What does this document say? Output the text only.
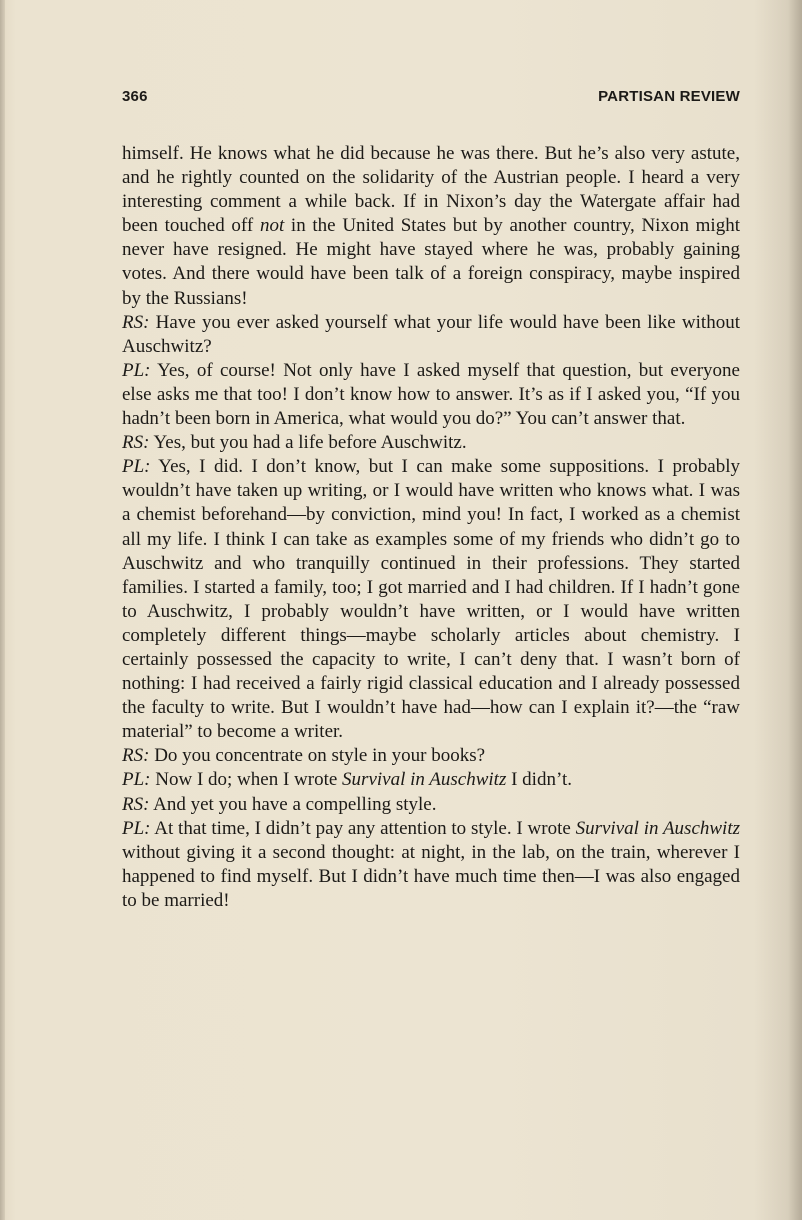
366	PARTISAN REVIEW

himself. He knows what he did because he was there. But he’s also very astute, and he rightly counted on the solidarity of the Austrian people. I heard a very interesting comment a while back. If in Nixon’s day the Watergate affair had been touched off not in the United States but by another country, Nixon might never have resigned. He might have stayed where he was, probably gaining votes. And there would have been talk of a foreign conspiracy, maybe inspired by the Russians!

RS: Have you ever asked yourself what your life would have been like without Auschwitz?

PL: Yes, of course! Not only have I asked myself that question, but everyone else asks me that too! I don’t know how to answer. It’s as if I asked you, “If you hadn’t been born in America, what would you do?” You can’t answer that.

RS: Yes, but you had a life before Auschwitz.

PL: Yes, I did. I don’t know, but I can make some suppositions. I probably wouldn’t have taken up writing, or I would have written who knows what. I was a chemist beforehand—by conviction, mind you! In fact, I worked as a chemist all my life. I think I can take as examples some of my friends who didn’t go to Auschwitz and who tranquilly continued in their professions. They started families. I started a family, too; I got married and I had children. If I hadn’t gone to Auschwitz, I probably wouldn’t have written, or I would have written completely different things—maybe scholarly articles about chemistry. I certainly possessed the capacity to write, I can’t deny that. I wasn’t born of nothing: I had received a fairly rigid classical education and I already possessed the faculty to write. But I wouldn’t have had—how can I explain it?—the “raw material” to become a writer.

RS: Do you concentrate on style in your books?

PL: Now I do; when I wrote Survival in Auschwitz I didn’t.

RS: And yet you have a compelling style.

PL: At that time, I didn’t pay any attention to style. I wrote Survival in Auschwitz without giving it a second thought: at night, in the lab, on the train, wherever I happened to find myself. But I didn’t have much time then—I was also engaged to be married!
